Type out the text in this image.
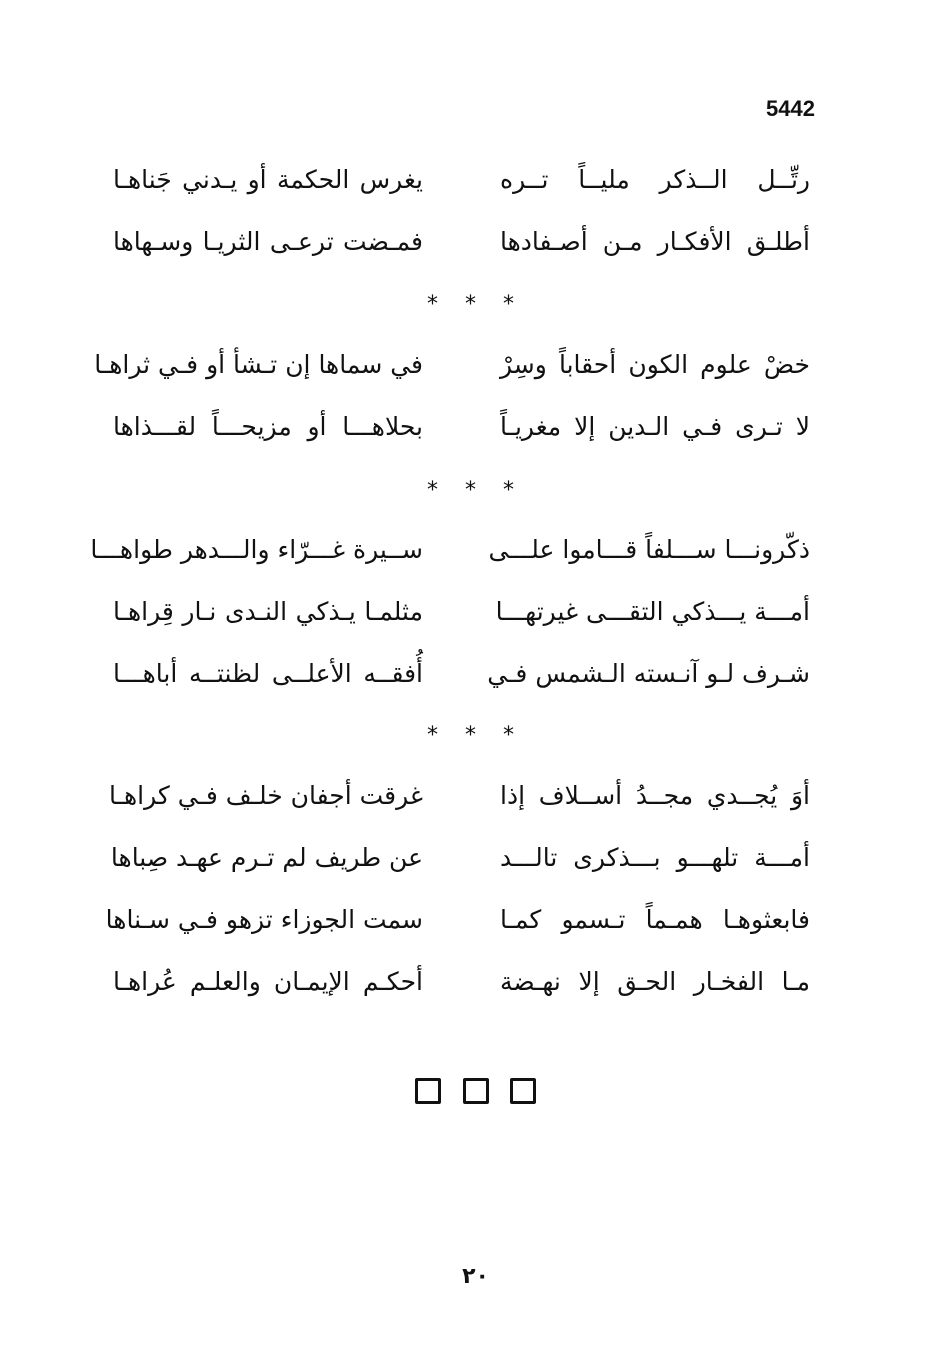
5442
رتِّــل الــذكر مليــاً تــره
يغرس الحكمة أو يـدني جَناهـا
أطلـق الأفكـار مـن أصـفادها
فمـضت ترعـى الثريـا وسـهاها
* * *
خضْ علوم الكون أحقاباً وسِرْ
في سماها إن تـشأ أو فـي ثراهـا
لا تـرى فـي الـدين إلا مغريـاً
بحلاهـــا أو مزيحـــاً لقـــذاها
* * *
ذكّرونـــا ســـلفاً قـــاموا علـــى
ســيرة غـــرّاء والـــدهر طواهـــا
أمـــة يـــذكي التقـــى غيرتهـــا
مثلمـا يـذكي النـدى نـار قِراهـا
شـرف لـو آنـسته الـشمس فـي
أُفقــه الأعلــى لظنتــه أباهـــا
* * *
أوَ يُجــدي مجــدُ أســلاف إذا
غرقت أجفان خلـف فـي كراهـا
أمـــة تلهـــو بـــذكرى تالـــد
عن طريف لم تـرم عهـد صِباها
فابعثوهـا همـماً تـسمو كمـا
سمت الجوزاء تزهو فـي سـناها
مـا الفخـار الحـق إلا نهـضة
أحكـم الإيمـان والعلـم عُراهـا

٢٠
